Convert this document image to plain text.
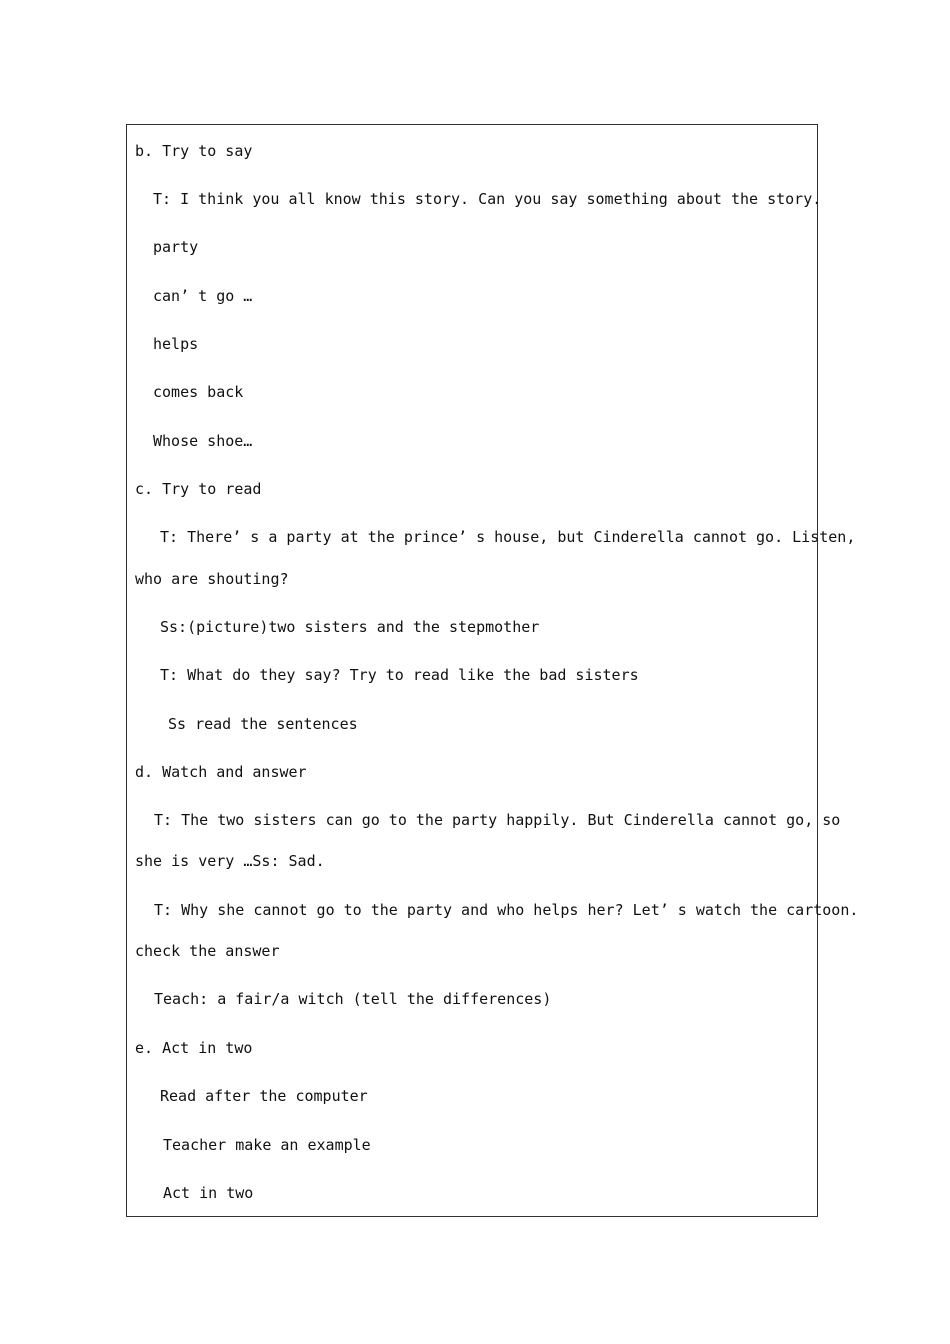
b. Try to say
T: I think you all know this story. Can you say something about the story.
party
can’ t go …
helps
comes back
Whose shoe…
c. Try to read
T: There’ s a party at the prince’ s house, but Cinderella cannot go. Listen,
who are shouting?
Ss:(picture)two sisters and the stepmother
T: What do they say? Try to read like the bad sisters
Ss read the sentences
d. Watch and answer
T: The two sisters can go to the party happily. But Cinderella cannot go, so
she is very …Ss: Sad.
T: Why she cannot go to the party and who helps her? Let’ s watch the cartoon.
check the answer
Teach: a fair/a witch (tell the differences)
e. Act in two
Read after the computer
Teacher make an example
Act in two
